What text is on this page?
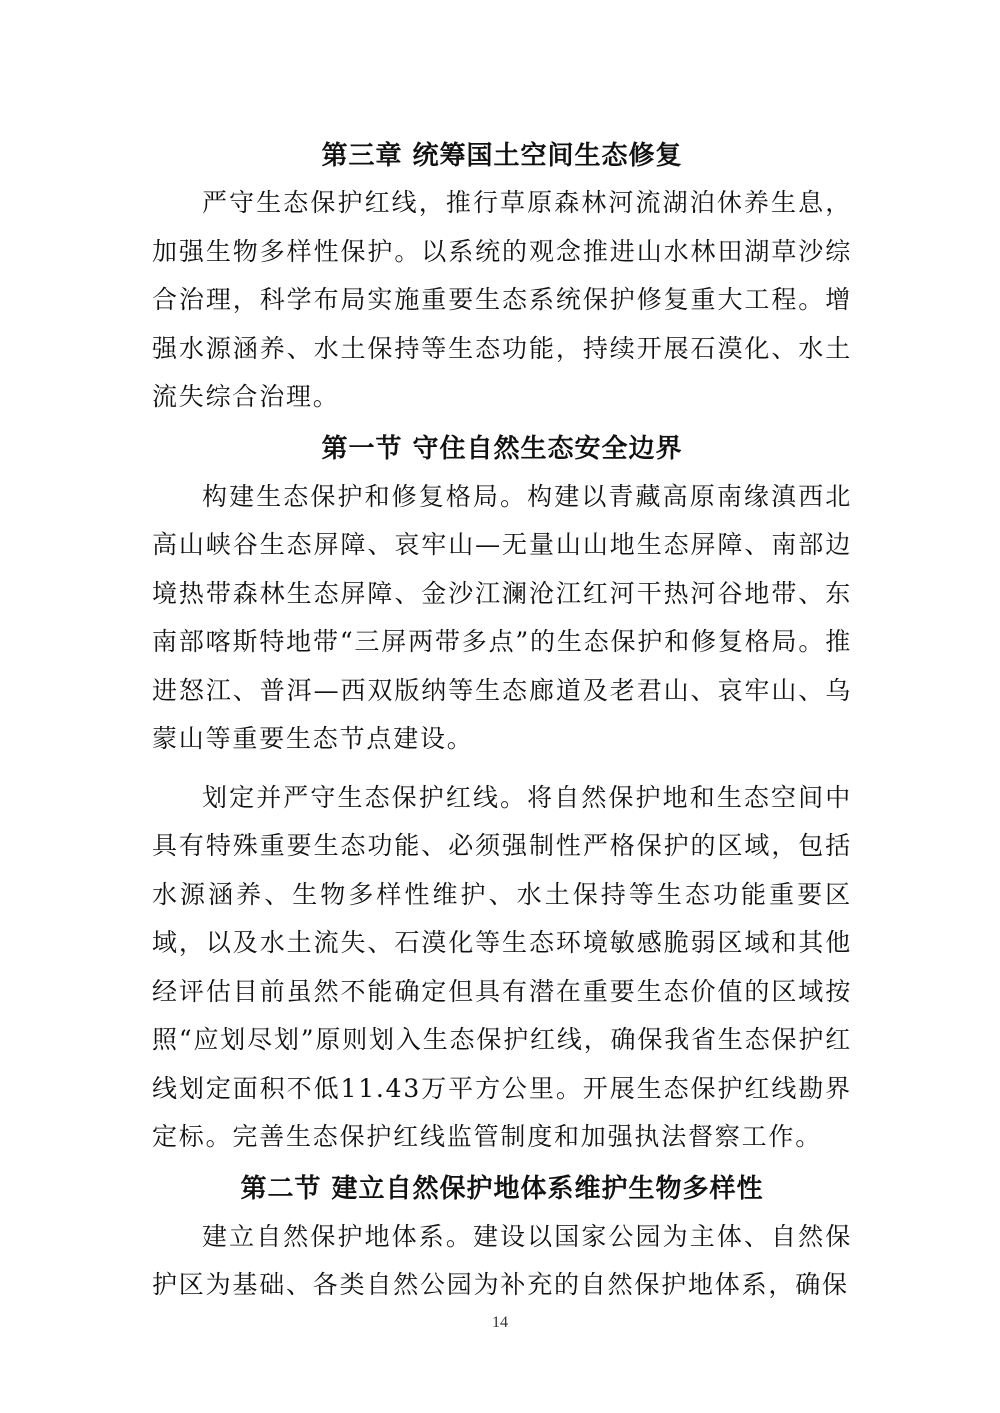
第三章 统筹国土空间生态修复

严守生态保护红线，推行草原森林河流湖泊休养生息，加强生物多样性保护。以系统的观念推进山水林田湖草沙综合治理，科学布局实施重要生态系统保护修复重大工程。增强水源涵养、水土保持等生态功能，持续开展石漠化、水土流失综合治理。

第一节 守住自然生态安全边界

构建生态保护和修复格局。构建以青藏高原南缘滇西北高山峡谷生态屏障、哀牢山—无量山山地生态屏障、南部边境热带森林生态屏障、金沙江澜沧江红河干热河谷地带、东南部喀斯特地带“三屏两带多点”的生态保护和修复格局。推进怒江、普洱—西双版纳等生态廊道及老君山、哀牢山、乌蒙山等重要生态节点建设。

划定并严守生态保护红线。将自然保护地和生态空间中具有特殊重要生态功能、必须强制性严格保护的区域，包括水源涵养、生物多样性维护、水土保持等生态功能重要区域，以及水土流失、石漠化等生态环境敏感脆弱区域和其他经评估目前虽然不能确定但具有潜在重要生态价值的区域按照“应划尽划”原则划入生态保护红线，确保我省生态保护红线划定面积不低11.43万平方公里。开展生态保护红线勘界定标。完善生态保护红线监管制度和加强执法督察工作。

第二节 建立自然保护地体系维护生物多样性

建立自然保护地体系。建设以国家公园为主体、自然保护区为基础、各类自然公园为补充的自然保护地体系，确保

14
